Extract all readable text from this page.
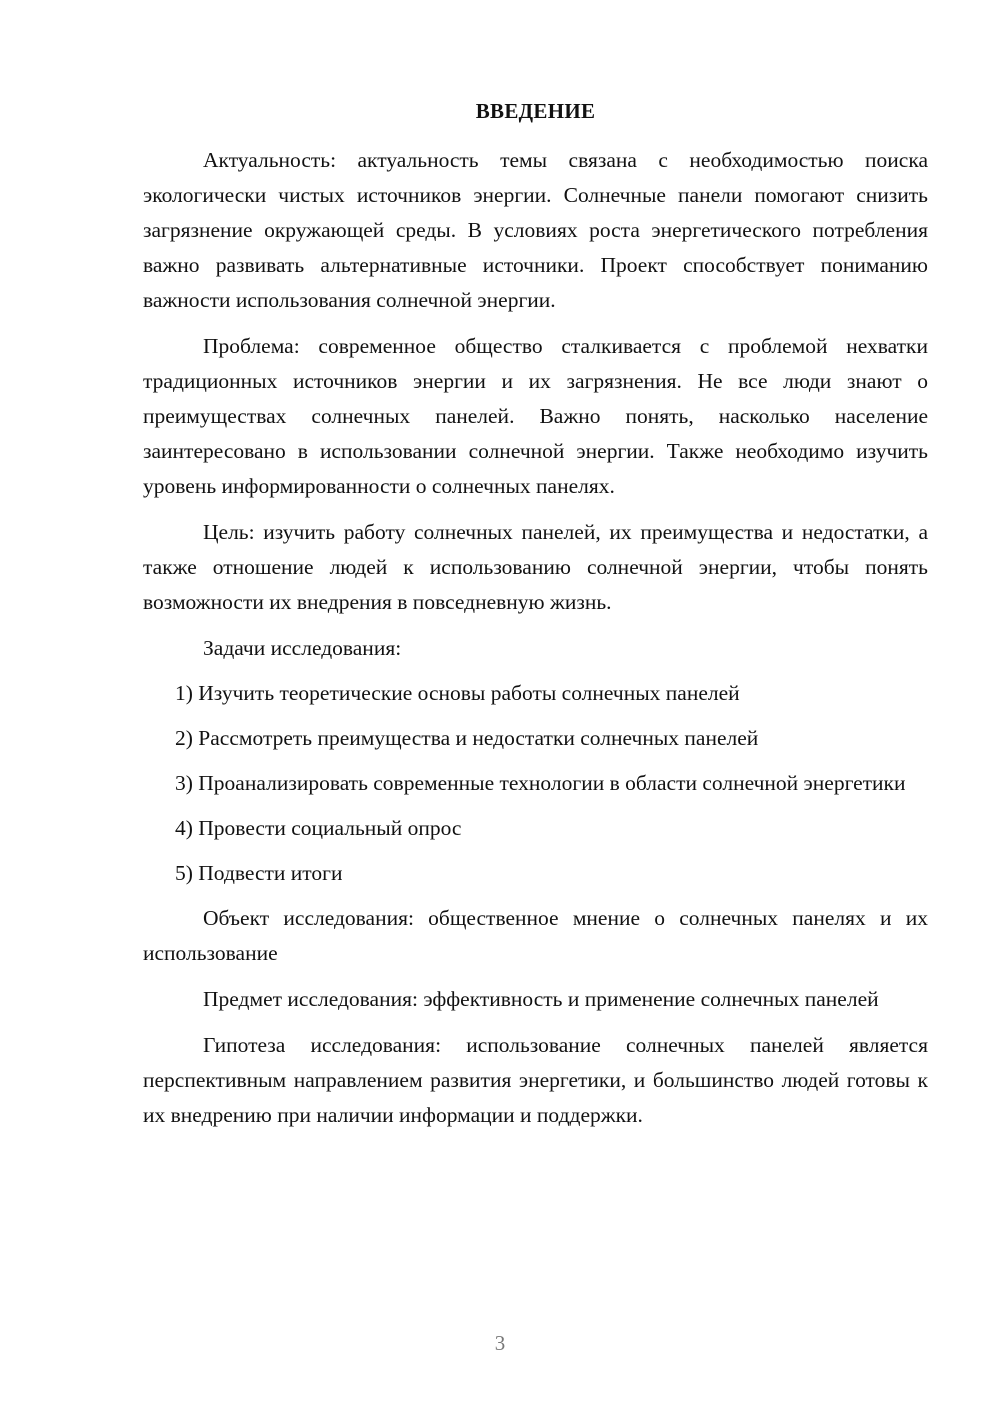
ВВЕДЕНИЕ

Актуальность: актуальность темы связана с необходимостью поиска экологически чистых источников энергии. Солнечные панели помогают снизить загрязнение окружающей среды. В условиях роста энергетического потребления важно развивать альтернативные источники. Проект способствует пониманию важности использования солнечной энергии.

Проблема: современное общество сталкивается с проблемой нехватки традиционных источников энергии и их загрязнения. Не все люди знают о преимуществах солнечных панелей. Важно понять, насколько население заинтересовано в использовании солнечной энергии. Также необходимо изучить уровень информированности о солнечных панелях.

Цель: изучить работу солнечных панелей, их преимущества и недостатки, а также отношение людей к использованию солнечной энергии, чтобы понять возможности их внедрения в повседневную жизнь.

Задачи исследования:

1) Изучить теоретические основы работы солнечных панелей

2) Рассмотреть преимущества и недостатки солнечных панелей

3) Проанализировать современные технологии в области солнечной энергетики

4) Провести социальный опрос

5) Подвести итоги

Объект исследования: общественное мнение о солнечных панелях и их использование

Предмет исследования: эффективность и применение солнечных панелей

Гипотеза исследования: использование солнечных панелей является перспективным направлением развития энергетики, и большинство людей готовы к их внедрению при наличии информации и поддержки.

3
